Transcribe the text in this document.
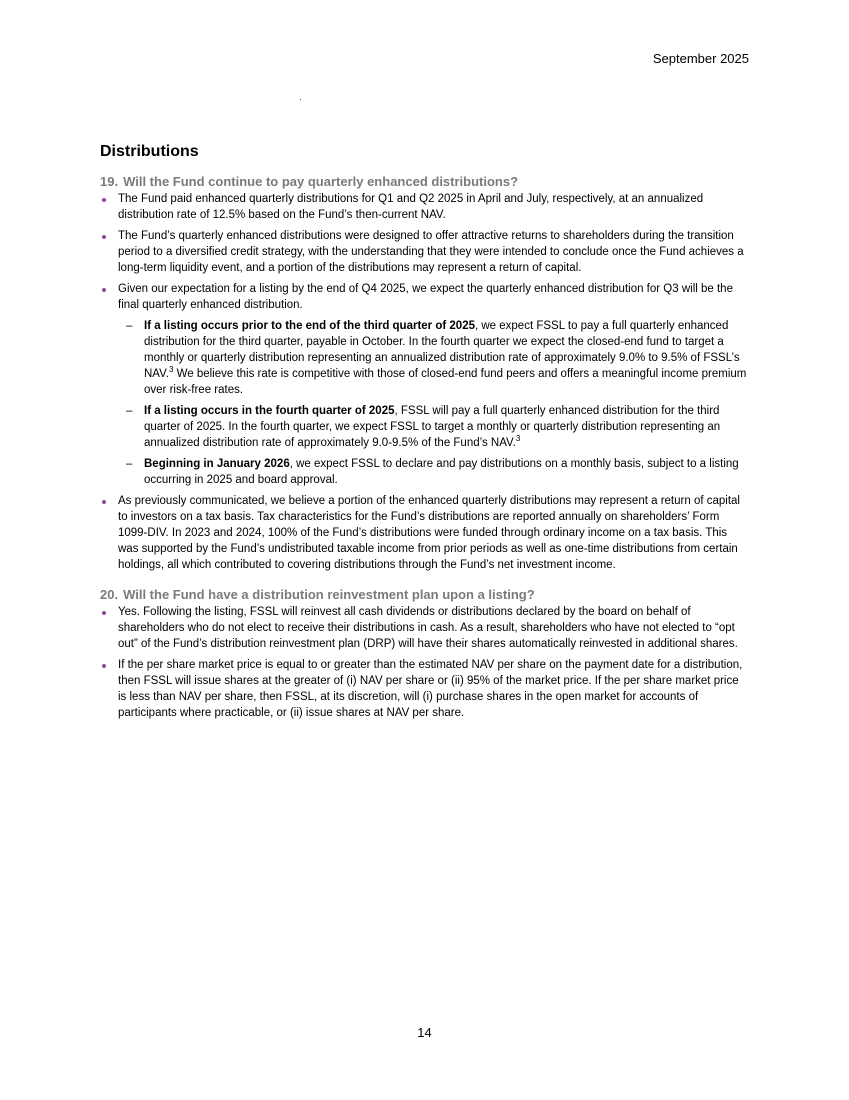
September 2025
Distributions
19. Will the Fund continue to pay quarterly enhanced distributions?
The Fund paid enhanced quarterly distributions for Q1 and Q2 2025 in April and July, respectively, at an annualized distribution rate of 12.5% based on the Fund’s then-current NAV.
The Fund’s quarterly enhanced distributions were designed to offer attractive returns to shareholders during the transition period to a diversified credit strategy, with the understanding that they were intended to conclude once the Fund achieves a long-term liquidity event, and a portion of the distributions may represent a return of capital.
Given our expectation for a listing by the end of Q4 2025, we expect the quarterly enhanced distribution for Q3 will be the final quarterly enhanced distribution.
– If a listing occurs prior to the end of the third quarter of 2025, we expect FSSL to pay a full quarterly enhanced distribution for the third quarter, payable in October. In the fourth quarter we expect the closed-end fund to target a monthly or quarterly distribution representing an annualized distribution rate of approximately 9.0% to 9.5% of FSSL’s NAV.$^3$ We believe this rate is competitive with those of closed-end fund peers and offers a meaningful income premium over risk-free rates.
– If a listing occurs in the fourth quarter of 2025, FSSL will pay a full quarterly enhanced distribution for the third quarter of 2025. In the fourth quarter, we expect FSSL to target a monthly or quarterly distribution representing an annualized distribution rate of approximately 9.0-9.5% of the Fund’s NAV.$^3$
– Beginning in January 2026, we expect FSSL to declare and pay distributions on a monthly basis, subject to a listing occurring in 2025 and board approval.
As previously communicated, we believe a portion of the enhanced quarterly distributions may represent a return of capital to investors on a tax basis. Tax characteristics for the Fund’s distributions are reported annually on shareholders’ Form 1099-DIV. In 2023 and 2024, 100% of the Fund’s distributions were funded through ordinary income on a tax basis. This was supported by the Fund’s undistributed taxable income from prior periods as well as one-time distributions from certain holdings, all which contributed to covering distributions through the Fund’s net investment income.
20. Will the Fund have a distribution reinvestment plan upon a listing?
Yes. Following the listing, FSSL will reinvest all cash dividends or distributions declared by the board on behalf of shareholders who do not elect to receive their distributions in cash. As a result, shareholders who have not elected to “opt out” of the Fund’s distribution reinvestment plan (DRP) will have their shares automatically reinvested in additional shares.
If the per share market price is equal to or greater than the estimated NAV per share on the payment date for a distribution, then FSSL will issue shares at the greater of (i) NAV per share or (ii) 95% of the market price. If the per share market price is less than NAV per share, then FSSL, at its discretion, will (i) purchase shares in the open market for accounts of participants where practicable, or (ii) issue shares at NAV per share.
14
